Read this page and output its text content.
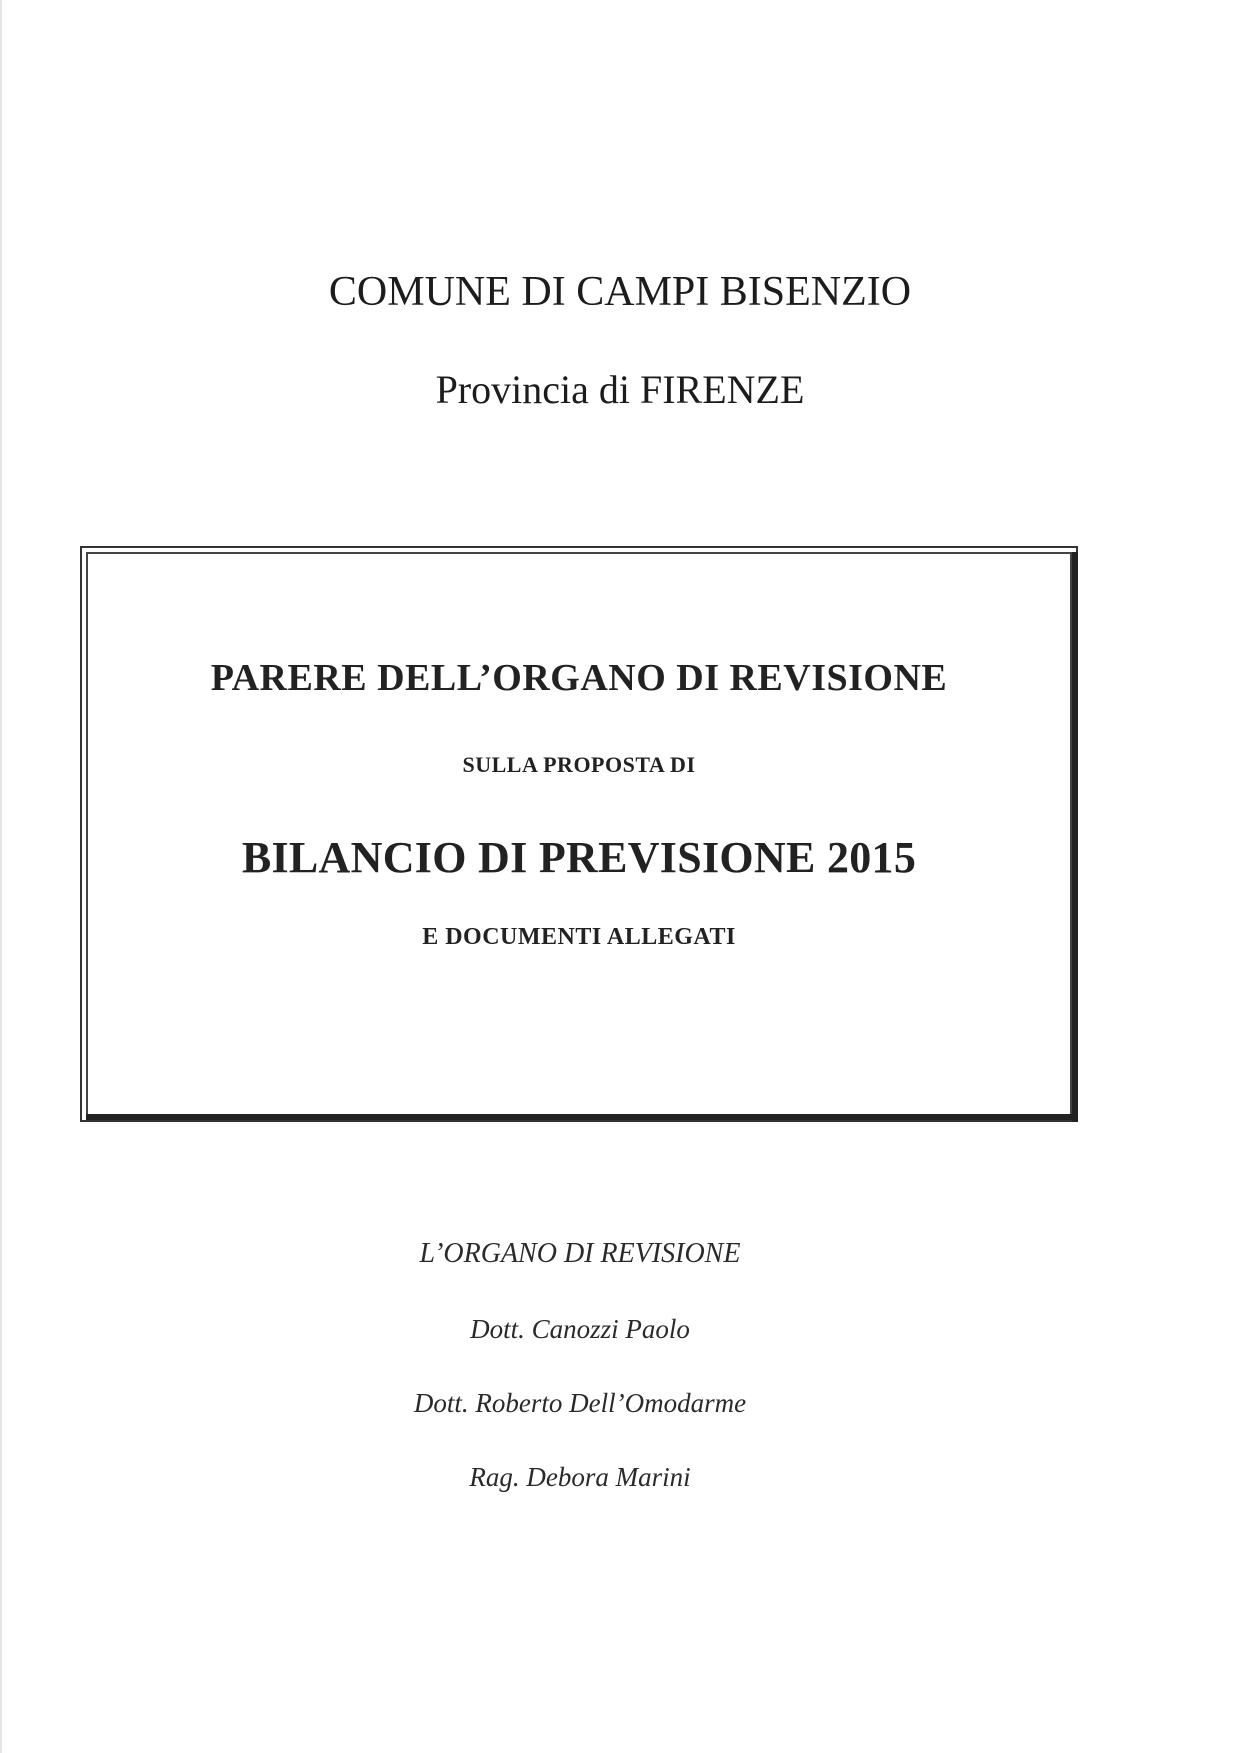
COMUNE DI CAMPI BISENZIO
Provincia di FIRENZE
PARERE DELL’ORGANO DI REVISIONE
SULLA PROPOSTA DI
BILANCIO DI PREVISIONE 2015
E DOCUMENTI ALLEGATI
L’ORGANO DI REVISIONE
Dott. Canozzi Paolo
Dott. Roberto Dell’Omodarme
Rag. Debora Marini
